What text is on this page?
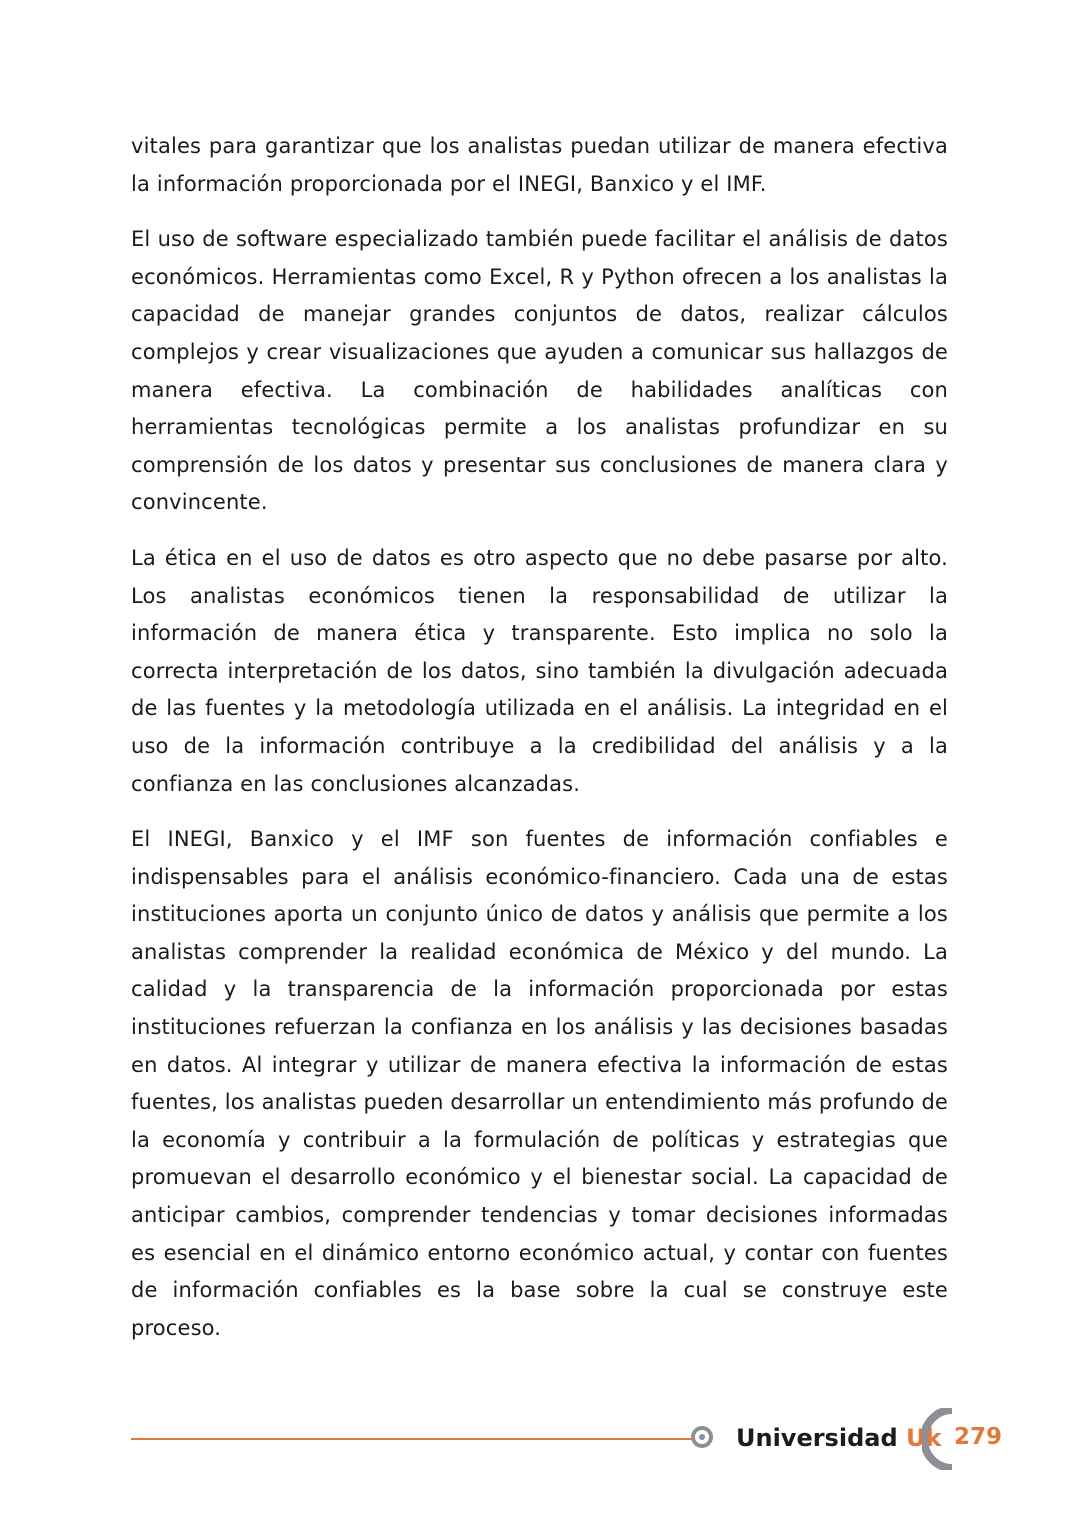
vitales para garantizar que los analistas puedan utilizar de manera efectiva la información proporcionada por el INEGI, Banxico y el IMF.

El uso de software especializado también puede facilitar el análisis de datos económicos. Herramientas como Excel, R y Python ofrecen a los analistas la capacidad de manejar grandes conjuntos de datos, realizar cálculos complejos y crear visualizaciones que ayuden a comunicar sus hallazgos de manera efectiva. La combinación de habilidades analíticas con herramientas tecnológicas permite a los analistas profundizar en su comprensión de los datos y presentar sus conclusiones de manera clara y convincente.

La ética en el uso de datos es otro aspecto que no debe pasarse por alto. Los analistas económicos tienen la responsabilidad de utilizar la información de manera ética y transparente. Esto implica no solo la correcta interpretación de los datos, sino también la divulgación adecuada de las fuentes y la metodología utilizada en el análisis. La integridad en el uso de la información contribuye a la credibilidad del análisis y a la confianza en las conclusiones alcanzadas.

El INEGI, Banxico y el IMF son fuentes de información confiables e indispensables para el análisis económico-financiero. Cada una de estas instituciones aporta un conjunto único de datos y análisis que permite a los analistas comprender la realidad económica de México y del mundo. La calidad y la transparencia de la información proporcionada por estas instituciones refuerzan la confianza en los análisis y las decisiones basadas en datos. Al integrar y utilizar de manera efectiva la información de estas fuentes, los analistas pueden desarrollar un entendimiento más profundo de la economía y contribuir a la formulación de políticas y estrategias que promuevan el desarrollo económico y el bienestar social. La capacidad de anticipar cambios, comprender tendencias y tomar decisiones informadas es esencial en el dinámico entorno económico actual, y contar con fuentes de información confiables es la base sobre la cual se construye este proceso.

Universidad Uk 279
